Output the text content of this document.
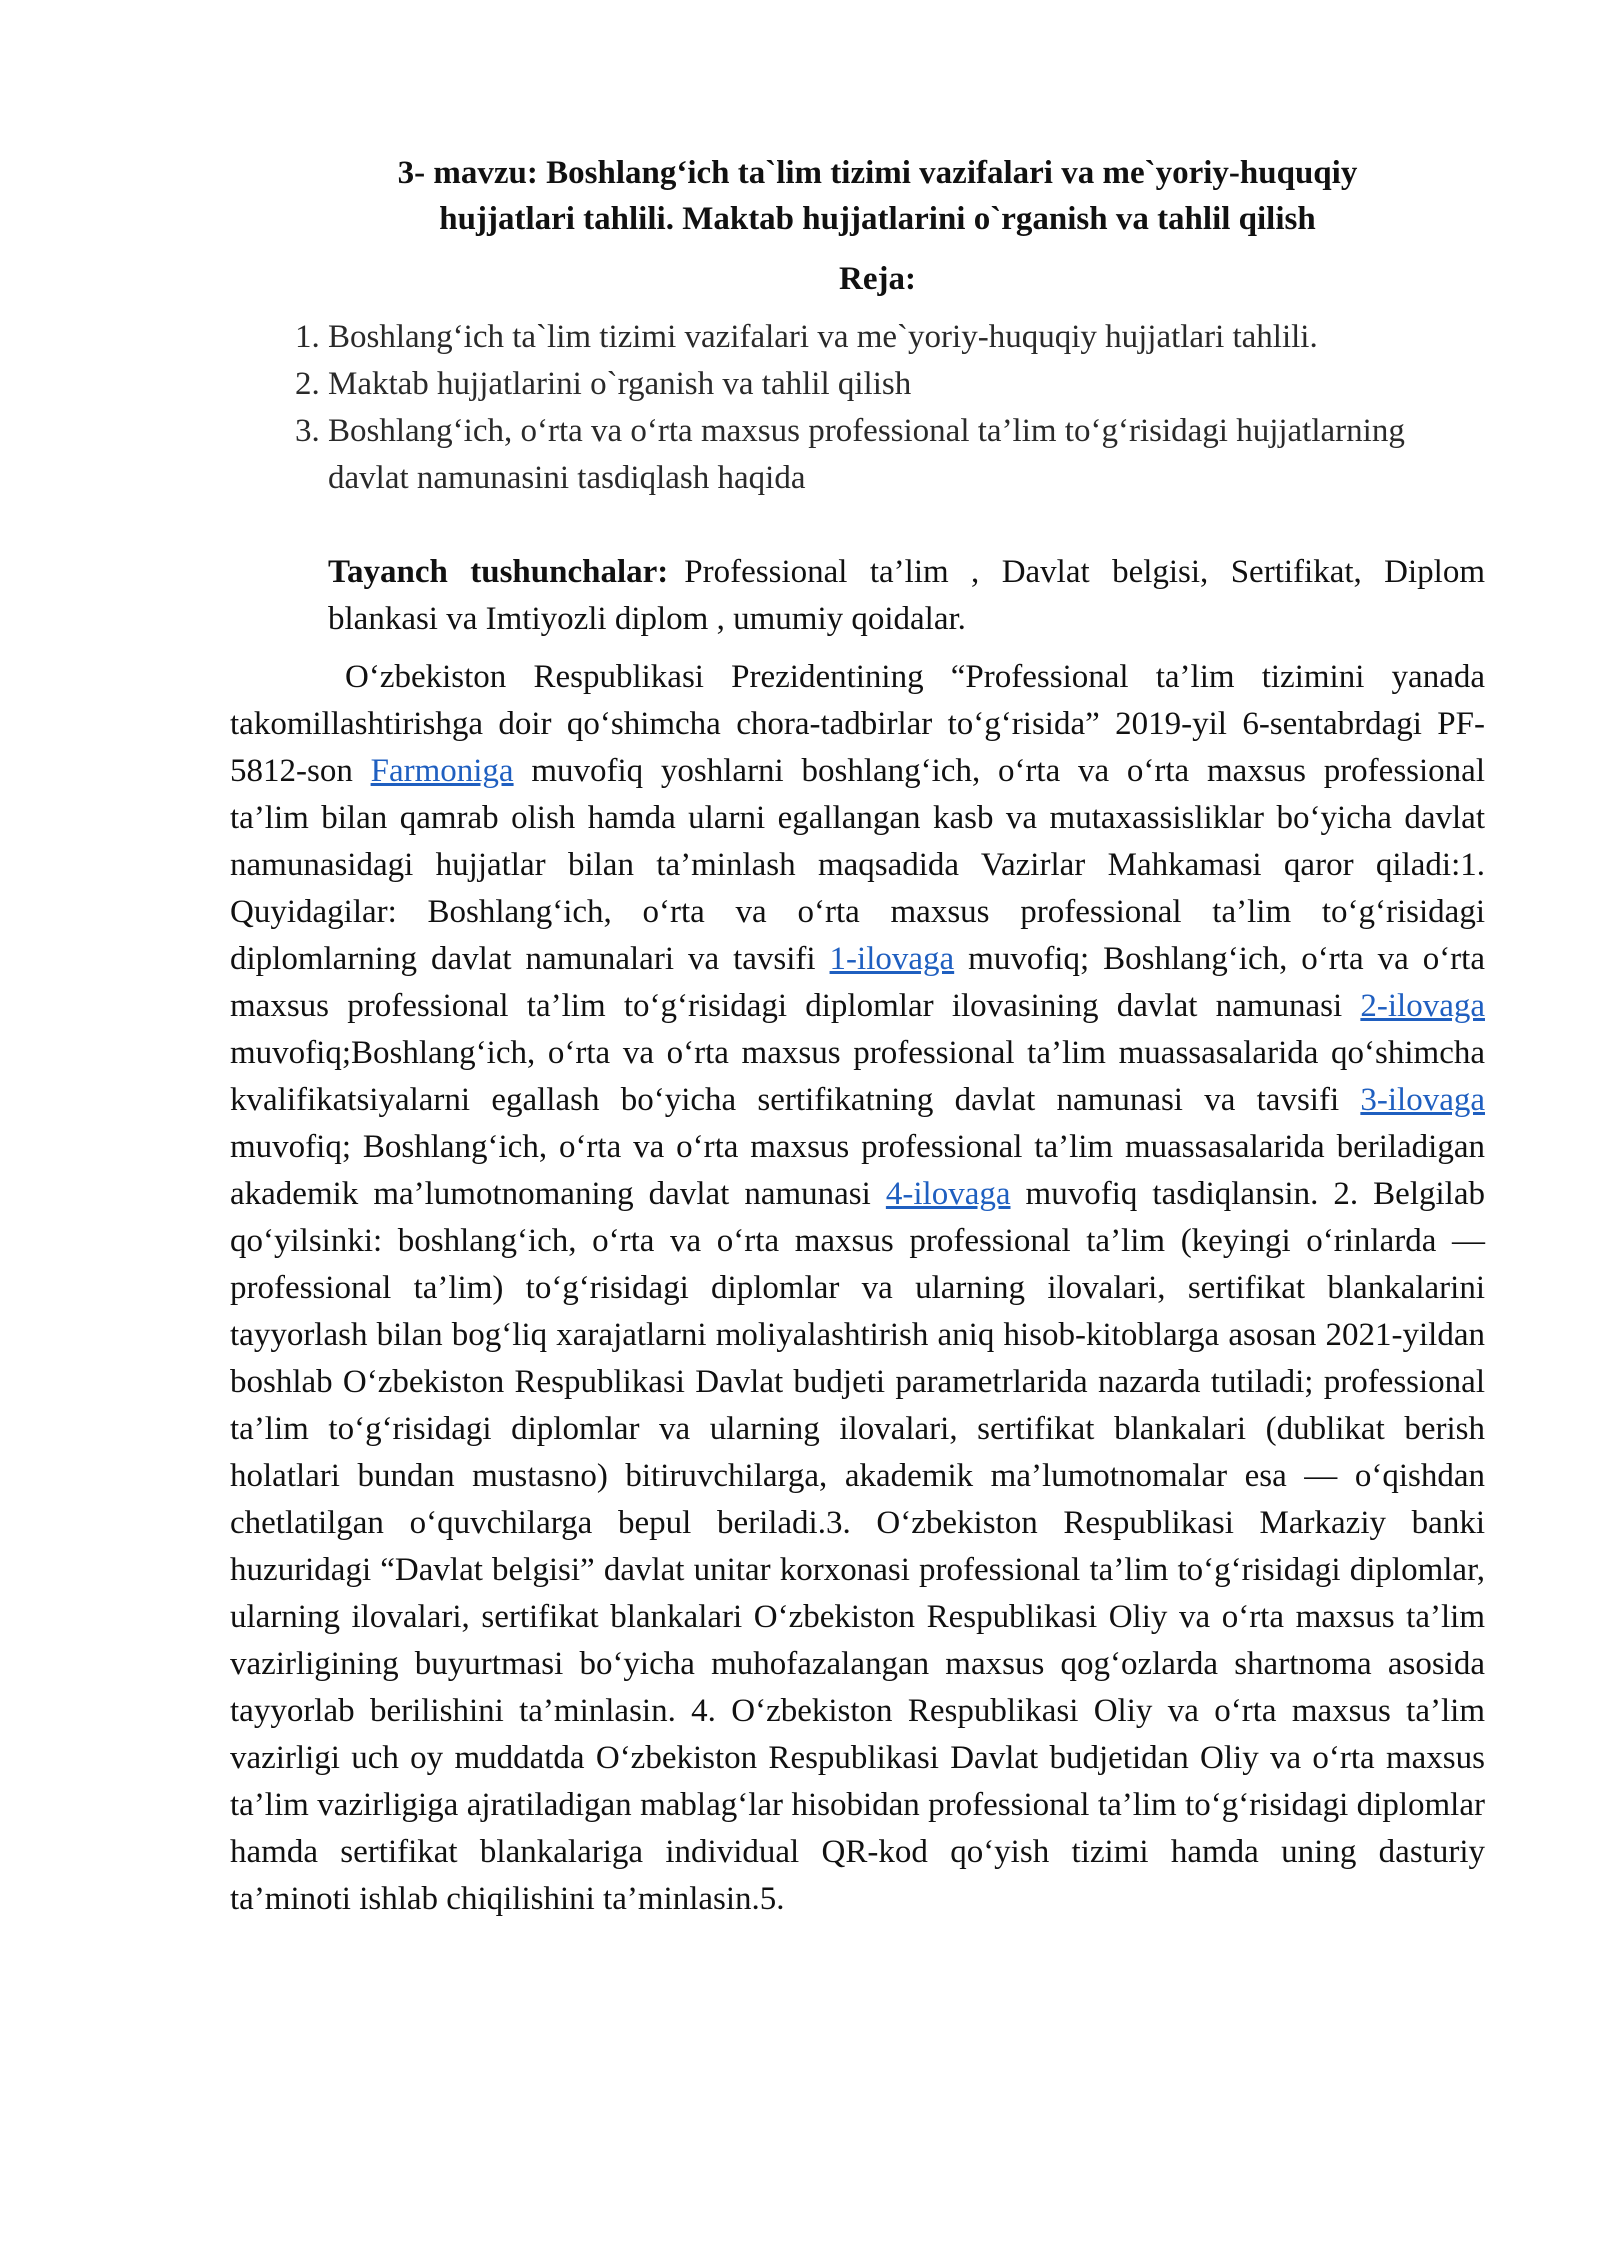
3- mavzu: Boshlang‘ich ta`lim tizimi vazifalari va me`yoriy-huquqiy
hujjatlari tahlili. Maktab hujjatlarini o`rganish va tahlil qilish
Reja:
1. Boshlang‘ich ta`lim tizimi vazifalari va me`yoriy-huquqiy hujjatlari tahlili.
2. Maktab hujjatlarini o`rganish va tahlil qilish
3. Boshlang‘ich, o‘rta va o‘rta maxsus professional ta’lim to‘g‘risidagi hujjatlarning davlat namunasini tasdiqlash haqida
Tayanch tushunchalar: Professional ta’lim , Davlat belgisi, Sertifikat, Diplom blankasi va Imtiyozli diplom , umumiy qoidalar.

O‘zbekiston Respublikasi Prezidentining “Professional ta’lim tizimini yanada takomillashtirishga doir qo‘shimcha chora-tadbirlar to‘g‘risida” 2019-yil 6-sentabrdagi PF-5812-son Farmoniga muvofiq yoshlarni boshlang‘ich, o‘rta va o‘rta maxsus professional ta’lim bilan qamrab olish hamda ularni egallangan kasb va mutaxassisliklar bo‘yicha davlat namunasidagi hujjatlar bilan ta’minlash maqsadida Vazirlar Mahkamasi qaror qiladi:1. Quyidagilar: Boshlang‘ich, o‘rta va o‘rta maxsus professional ta’lim to‘g‘risidagi diplomlarning davlat namunalari va tavsifi 1-ilovaga muvofiq; Boshlang‘ich, o‘rta va o‘rta maxsus professional ta’lim to‘g‘risidagi diplomlar ilovasining davlat namunasi 2-ilovaga muvofiq;Boshlang‘ich, o‘rta va o‘rta maxsus professional ta’lim muassasalarida qo‘shimcha kvalifikatsiyalarni egallash bo‘yicha sertifikatning davlat namunasi va tavsifi 3-ilovaga muvofiq; Boshlang‘ich, o‘rta va o‘rta maxsus professional ta’lim muassasalarida beriladigan akademik ma’lumotnomaning davlat namunasi 4-ilovaga muvofiq tasdiqlansin. 2. Belgilab qo‘yilsinki: boshlang‘ich, o‘rta va o‘rta maxsus professional ta’lim (keyingi o‘rinlarda — professional ta’lim) to‘g‘risidagi diplomlar va ularning ilovalari, sertifikat blankalarini tayyorlash bilan bog‘liq xarajatlarni moliyalashtirish aniq hisob-kitoblarga asosan 2021-yildan boshlab O‘zbekiston Respublikasi Davlat budjeti parametrlarida nazarda tutiladi; professional ta’lim to‘g‘risidagi diplomlar va ularning ilovalari, sertifikat blankalari (dublikat berish holatlari bundan mustasno) bitiruvchilarga, akademik ma’lumotnomalar esa — o‘qishdan chetlatilgan o‘quvchilarga bepul beriladi.3. O‘zbekiston Respublikasi Markaziy banki huzuridagi “Davlat belgisi” davlat unitar korxonasi professional ta’lim to‘g‘risidagi diplomlar, ularning ilovalari, sertifikat blankalari O‘zbekiston Respublikasi Oliy va o‘rta maxsus ta’lim vazirligining buyurtmasi bo‘yicha muhofazalangan maxsus qog‘ozlarda shartnoma asosida tayyorlab berilishini ta’minlasin. 4. O‘zbekiston Respublikasi Oliy va o‘rta maxsus ta’lim vazirligi uch oy muddatda O‘zbekiston Respublikasi Davlat budjetidan Oliy va o‘rta maxsus ta’lim vazirligiga ajratiladigan mablag‘lar hisobidan professional ta’lim to‘g‘risidagi diplomlar hamda sertifikat blankalariga individual QR-kod qo‘yish tizimi hamda uning dasturiy ta’minoti ishlab chiqilishini ta’minlasin.5.
